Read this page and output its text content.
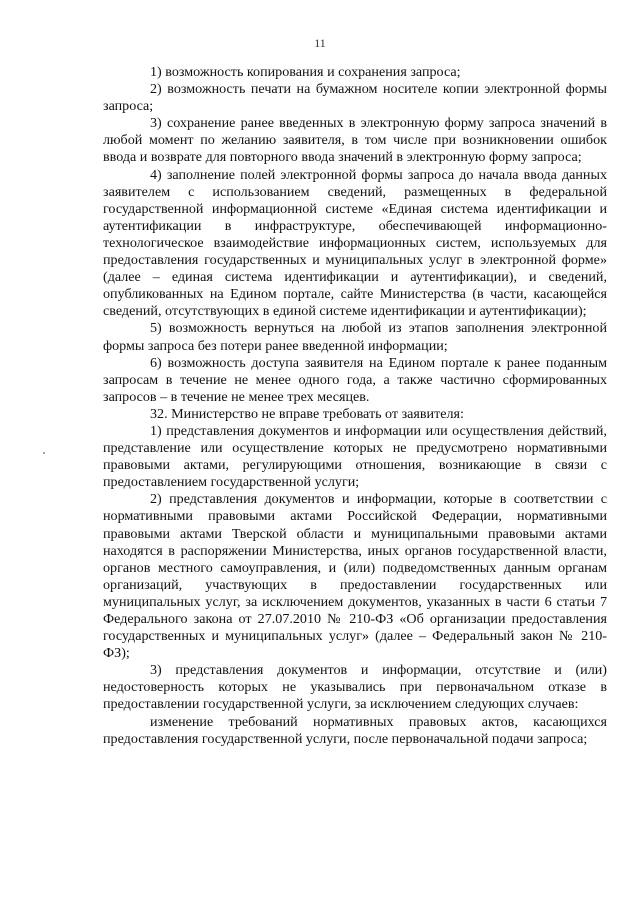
11

1) возможность копирования и сохранения запроса;

2) возможность печати на бумажном носителе копии электронной формы запроса;

3) сохранение ранее введенных в электронную форму запроса значений в любой момент по желанию заявителя, в том числе при возникновении ошибок ввода и возврате для повторного ввода значений в электронную форму запроса;

4) заполнение полей электронной формы запроса до начала ввода данных заявителем с использованием сведений, размещенных в федеральной государственной информационной системе «Единая система идентификации и аутентификации в инфраструктуре, обеспечивающей информационно-технологическое взаимодействие информационных систем, используемых для предоставления государственных и муниципальных услуг в электронной форме» (далее – единая система идентификации и аутентификации), и сведений, опубликованных на Едином портале, сайте Министерства (в части, касающейся сведений, отсутствующих в единой системе идентификации и аутентификации);

5) возможность вернуться на любой из этапов заполнения электронной формы запроса без потери ранее введенной информации;

6) возможность доступа заявителя на Едином портале к ранее поданным запросам в течение не менее одного года, а также частично сформированных запросов – в течение не менее трех месяцев.

32. Министерство не вправе требовать от заявителя:

1) представления документов и информации или осуществления действий, представление или осуществление которых не предусмотрено нормативными правовыми актами, регулирующими отношения, возникающие в связи с предоставлением государственной услуги;

2) представления документов и информации, которые в соответствии с нормативными правовыми актами Российской Федерации, нормативными правовыми актами Тверской области и муниципальными правовыми актами находятся в распоряжении Министерства, иных органов государственной власти, органов местного самоуправления, и (или) подведомственных данным органам организаций, участвующих в предоставлении государственных или муниципальных услуг, за исключением документов, указанных в части 6 статьи 7 Федерального закона от 27.07.2010 № 210-ФЗ «Об организации предоставления государственных и муниципальных услуг» (далее – Федеральный закон № 210-ФЗ);

3) представления документов и информации, отсутствие и (или) недостоверность которых не указывались при первоначальном отказе в предоставлении государственной услуги, за исключением следующих случаев:

изменение требований нормативных правовых актов, касающихся предоставления государственной услуги, после первоначальной подачи запроса;
